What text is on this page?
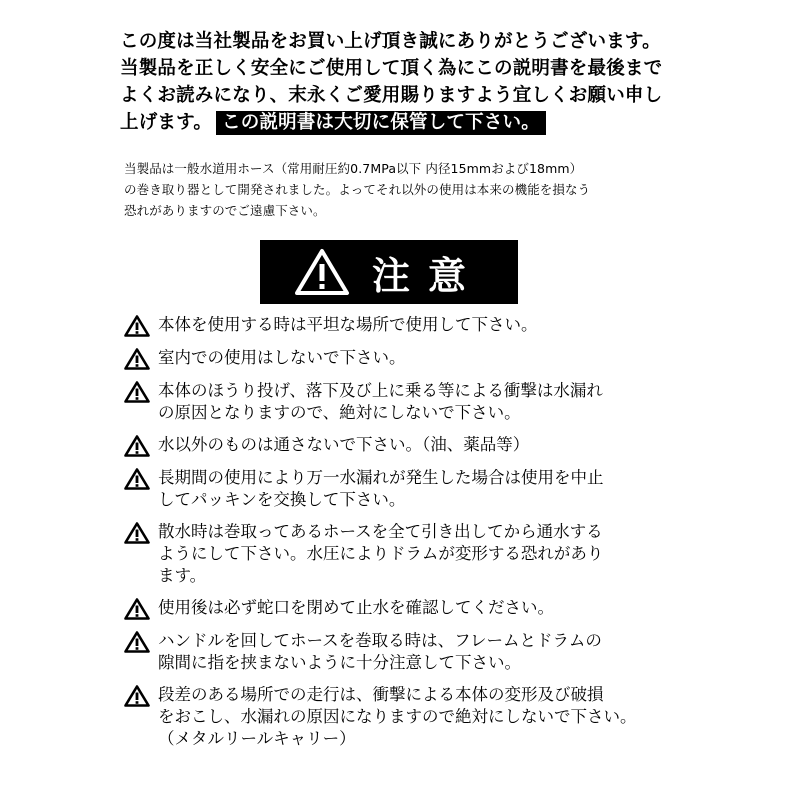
この度は当社製品をお買い上げ頂き誠にありがとうございます。
当製品を正しく安全にご使用して頂く為にこの説明書を最後まで
よくお読みになり、末永くご愛用賜りますよう宜しくお願い申し
上げます。 この説明書は大切に保管して下さい。
当製品は一般水道用ホース（常用耐圧約0.7MPa以下 内径15mmおよび18mm）
の巻き取り器として開発されました。よってそれ以外の使用は本来の機能を損なう
恐れがありますのでご遠慮下さい。
注意
本体を使用する時は平坦な場所で使用して下さい。
室内での使用はしないで下さい。
本体のほうり投げ、落下及び上に乗る等による衝撃は水漏れ
の原因となりますので、絶対にしないで下さい。
水以外のものは通さないで下さい。（油、薬品等）
長期間の使用により万一水漏れが発生した場合は使用を中止
してパッキンを交換して下さい。
散水時は巻取ってあるホースを全て引き出してから通水する
ようにして下さい。水圧によりドラムが変形する恐れがあり
ます。
使用後は必ず蛇口を閉めて止水を確認してください。
ハンドルを回してホースを巻取る時は、フレームとドラムの
隙間に指を挟まないように十分注意して下さい。
段差のある場所での走行は、衝撃による本体の変形及び破損
をおこし、水漏れの原因になりますので絶対にしないで下さい。
（メタルリールキャリー）
